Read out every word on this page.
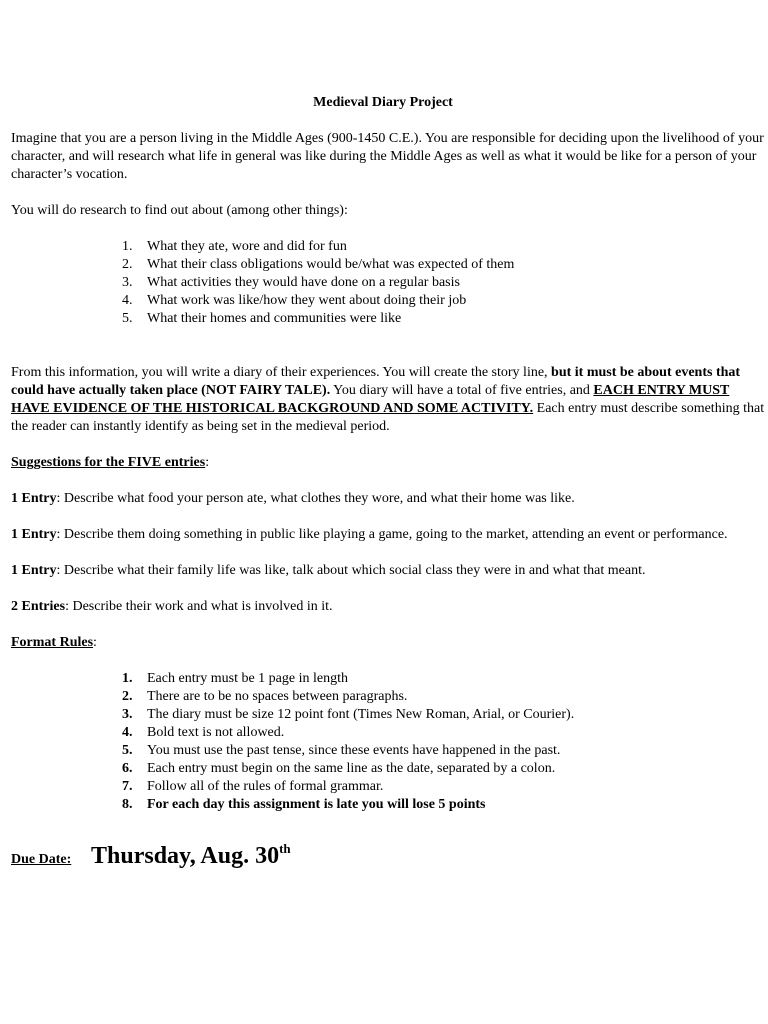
Medieval Diary Project

Imagine that you are a person living in the Middle Ages (900-1450 C.E.). You are responsible for deciding upon the livelihood of your character, and will research what life in general was like during the Middle Ages as well as what it would be like for a person of your character’s vocation.

You will do research to find out about (among other things):

1.	What they ate, wore and did for fun
2.	What their class obligations would be/what was expected of them
3.	What activities they would have done on a regular basis
4.	What work was like/how they went about doing their job
5.	What their homes and communities were like

From this information, you will write a diary of their experiences. You will create the story line, but it must be about events that could have actually taken place (NOT FAIRY TALE). You diary will have a total of five entries, and EACH ENTRY MUST HAVE EVIDENCE OF THE HISTORICAL BACKGROUND AND SOME ACTIVITY. Each entry must describe something that the reader can instantly identify as being set in the medieval period.

Suggestions for the FIVE entries:

1 Entry: Describe what food your person ate, what clothes they wore, and what their home was like.

1 Entry: Describe them doing something in public like playing a game, going to the market, attending an event or performance.

1 Entry: Describe what their family life was like, talk about which social class they were in and what that meant.

2 Entries: Describe their work and what is involved in it.

Format Rules:

1.	Each entry must be 1 page in length
2.	There are to be no spaces between paragraphs.
3.	The diary must be size 12 point font (Times New Roman, Arial, or Courier).
4.	Bold text is not allowed.
5.	You must use the past tense, since these events have happened in the past.
6.	Each entry must begin on the same line as the date, separated by a colon.
7.	Follow all of the rules of formal grammar.
8.	For each day this assignment is late you will lose 5 points
Due Date: Thursday, Aug. 30th
